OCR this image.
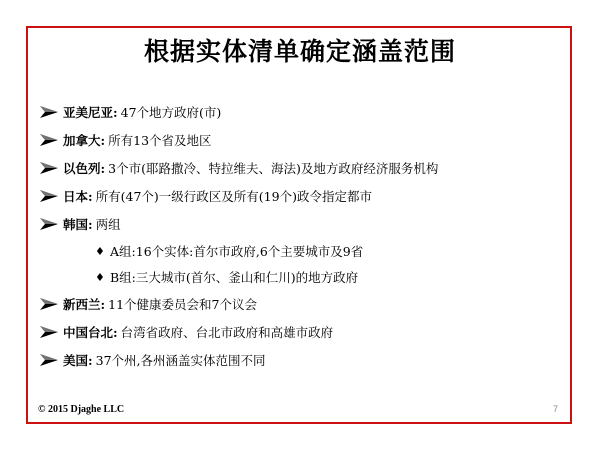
根据实体清单确定涵盖范围
亚美尼亚: 47个地方政府(市)
加拿大: 所有13个省及地区
以色列: 3个市(耶路撒冷、特拉维夫、海法)及地方政府经济服务机构
日本: 所有(47个)一级行政区及所有(19个)政令指定都市
韩国: 两组
♦ A组:16个实体:首尔市政府,6个主要城市及9省
♦ B组:三大城市(首尔、釜山和仁川)的地方政府
新西兰: 11个健康委员会和7个议会
中国台北: 台湾省政府、台北市政府和高雄市政府
美国: 37个州,各州涵盖实体范围不同
© 2015 Djaghe LLC	7
